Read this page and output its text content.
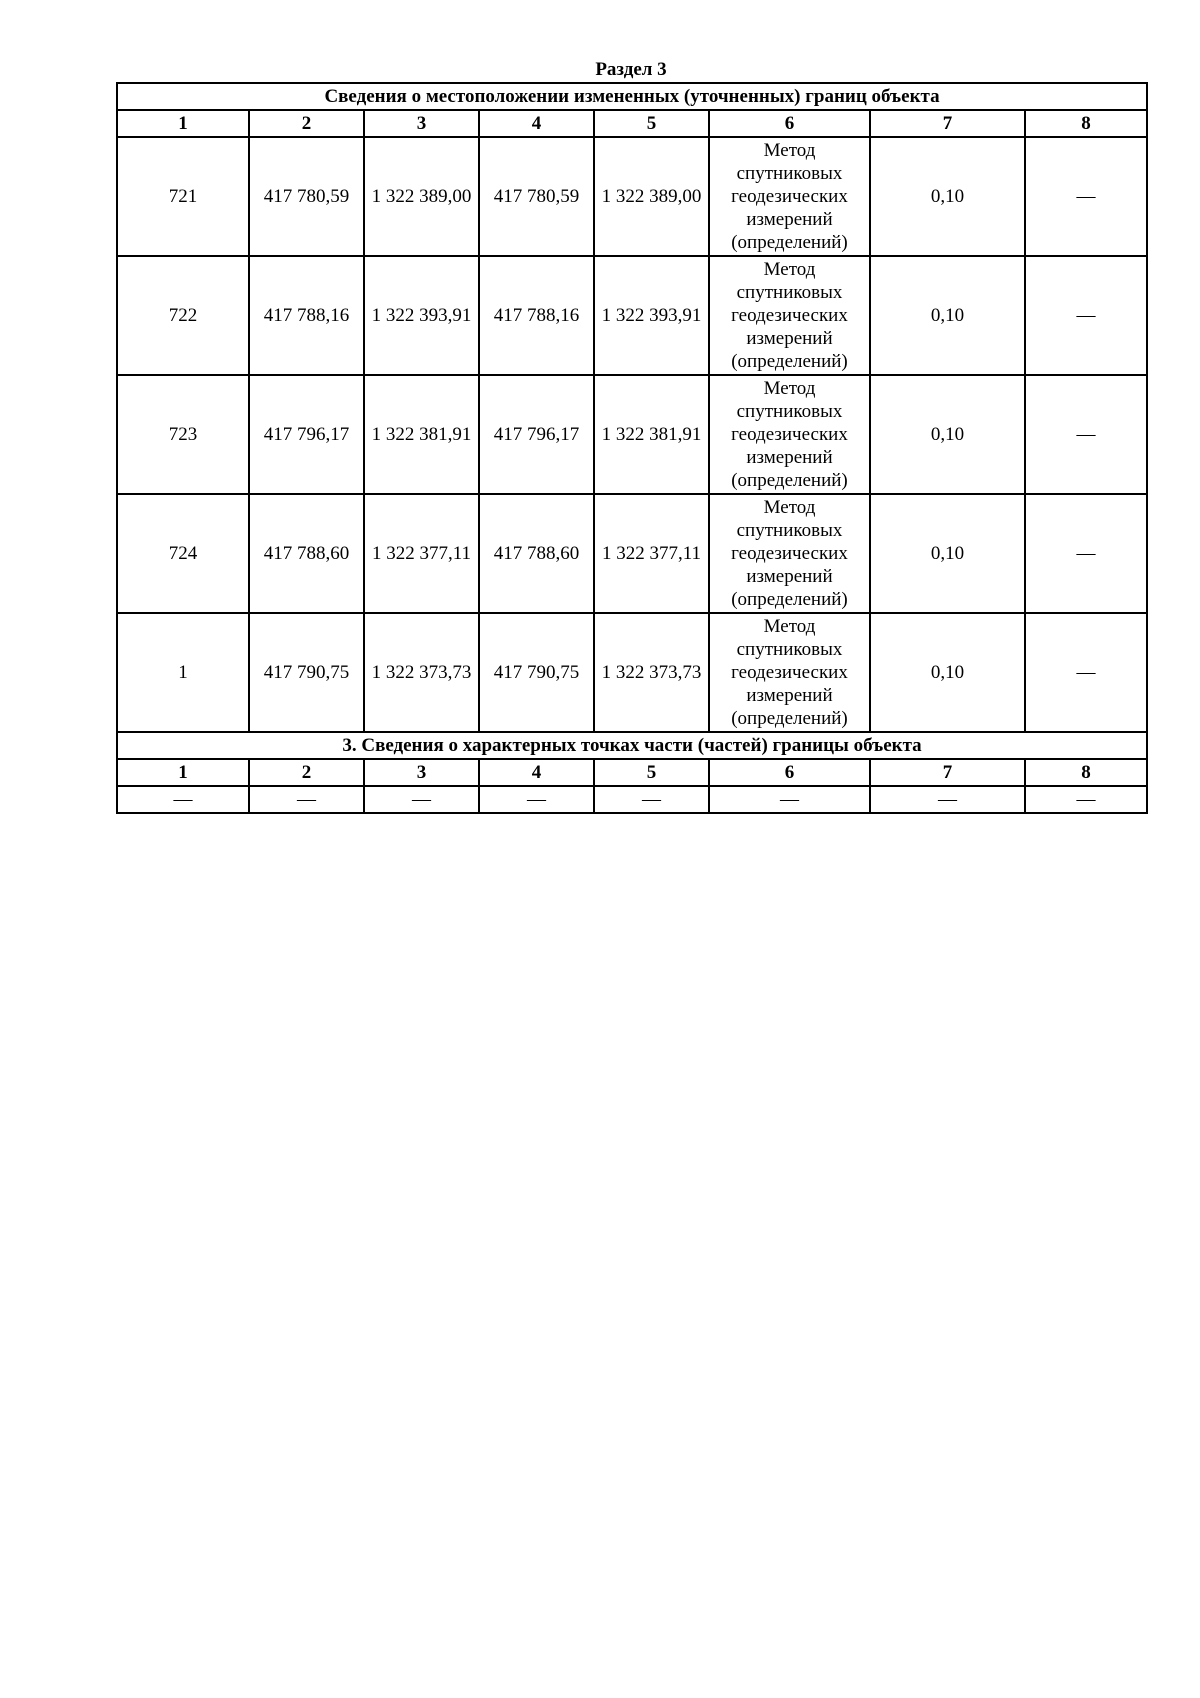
Раздел 3
Сведения о местоположении измененных (уточненных) границ объекта							
1	2	3	4	5	6	7	8
721	417 780,59	1 322 389,00	417 780,59	1 322 389,00	Метод
спутниковых
геодезических
измерений
(определений)	0,10	—
722	417 788,16	1 322 393,91	417 788,16	1 322 393,91	Метод
спутниковых
геодезических
измерений
(определений)	0,10	—
723	417 796,17	1 322 381,91	417 796,17	1 322 381,91	Метод
спутниковых
геодезических
измерений
(определений)	0,10	—
724	417 788,60	1 322 377,11	417 788,60	1 322 377,11	Метод
спутниковых
геодезических
измерений
(определений)	0,10	—
1	417 790,75	1 322 373,73	417 790,75	1 322 373,73	Метод
спутниковых
геодезических
измерений
(определений)	0,10	—
3. Сведения о характерных точках части (частей) границы объекта							
1	2	3	4	5	6	7	8
—	—	—	—	—	—	—	—
